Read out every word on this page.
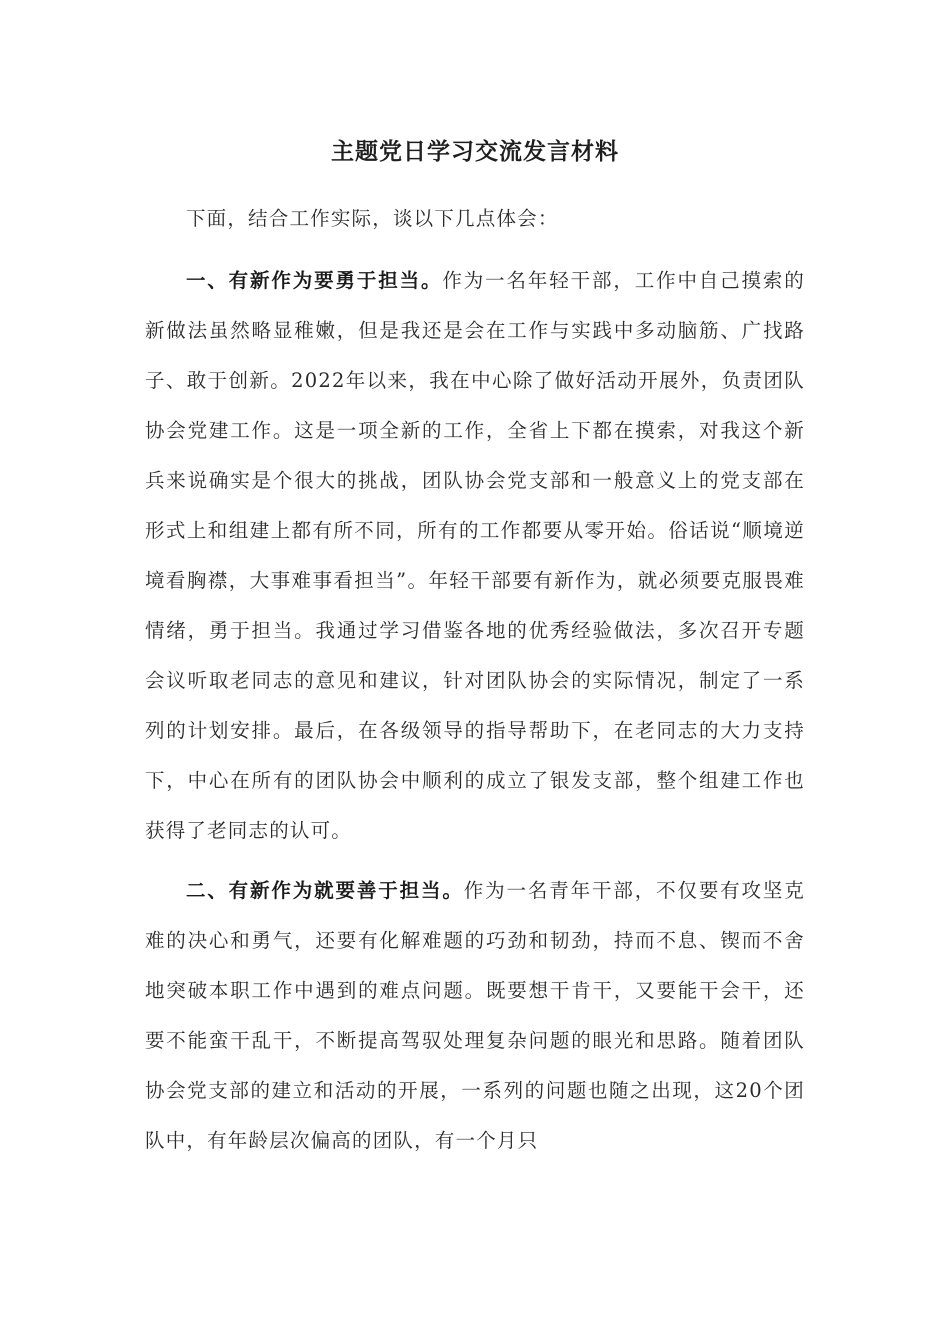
主题党日学习交流发言材料

下面，结合工作实际，谈以下几点体会：

一、有新作为要勇于担当。作为一名年轻干部，工作中自己摸索的新做法虽然略显稚嫩，但是我还是会在工作与实践中多动脑筋、广找路子、敢于创新。2022年以来，我在中心除了做好活动开展外，负责团队协会党建工作。这是一项全新的工作，全省上下都在摸索，对我这个新兵来说确实是个很大的挑战，团队协会党支部和一般意义上的党支部在形式上和组建上都有所不同，所有的工作都要从零开始。俗话说“顺境逆境看胸襟，大事难事看担当”。年轻干部要有新作为，就必须要克服畏难情绪，勇于担当。我通过学习借鉴各地的优秀经验做法，多次召开专题会议听取老同志的意见和建议，针对团队协会的实际情况，制定了一系列的计划安排。最后，在各级领导的指导帮助下，在老同志的大力支持下，中心在所有的团队协会中顺利的成立了银发支部，整个组建工作也获得了老同志的认可。

二、有新作为就要善于担当。作为一名青年干部，不仅要有攻坚克难的决心和勇气，还要有化解难题的巧劲和韧劲，持而不息、锲而不舍地突破本职工作中遇到的难点问题。既要想干肯干，又要能干会干，还要不能蛮干乱干，不断提高驾驭处理复杂问题的眼光和思路。随着团队协会党支部的建立和活动的开展，一系列的问题也随之出现，这20个团队中，有年龄层次偏高的团队，有一个月只
